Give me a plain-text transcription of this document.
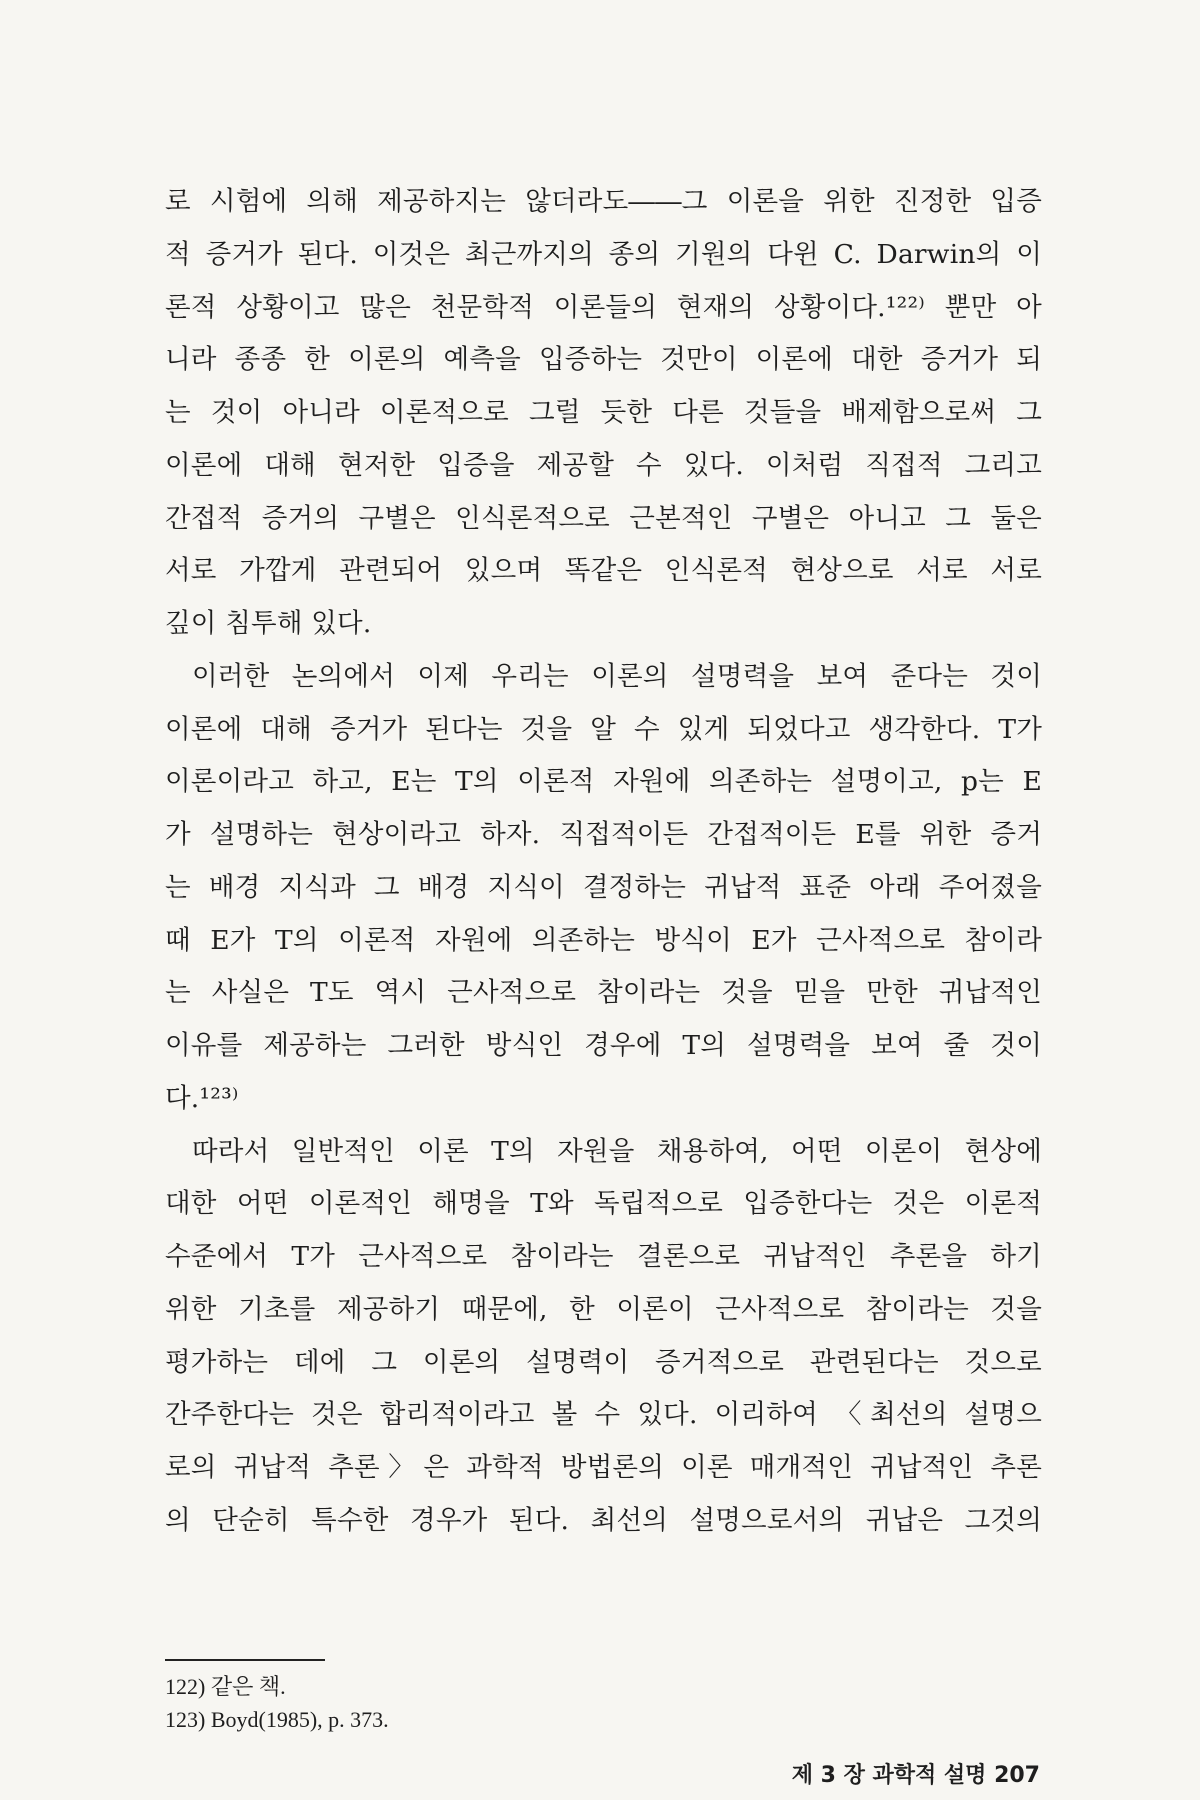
로 시험에 의해 제공하지는 않더라도――그 이론을 위한 진정한 입증
적 증거가 된다. 이것은 최근까지의 종의 기원의 다윈 C. Darwin의 이
론적 상황이고 많은 천문학적 이론들의 현재의 상황이다.¹²²⁾ 뿐만 아
니라 종종 한 이론의 예측을 입증하는 것만이 이론에 대한 증거가 되
는 것이 아니라 이론적으로 그럴 듯한 다른 것들을 배제함으로써 그
이론에 대해 현저한 입증을 제공할 수 있다. 이처럼 직접적 그리고
간접적 증거의 구별은 인식론적으로 근본적인 구별은 아니고 그 둘은
서로 가깝게 관련되어 있으며 똑같은 인식론적 현상으로 서로 서로
깊이 침투해 있다.
이러한 논의에서 이제 우리는 이론의 설명력을 보여 준다는 것이
이론에 대해 증거가 된다는 것을 알 수 있게 되었다고 생각한다. T가
이론이라고 하고, E는 T의 이론적 자원에 의존하는 설명이고, p는 E
가 설명하는 현상이라고 하자. 직접적이든 간접적이든 E를 위한 증거
는 배경 지식과 그 배경 지식이 결정하는 귀납적 표준 아래 주어졌을
때 E가 T의 이론적 자원에 의존하는 방식이 E가 근사적으로 참이라
는 사실은 T도 역시 근사적으로 참이라는 것을 믿을 만한 귀납적인
이유를 제공하는 그러한 방식인 경우에 T의 설명력을 보여 줄 것이
다.¹²³⁾
따라서 일반적인 이론 T의 자원을 채용하여, 어떤 이론이 현상에
대한 어떤 이론적인 해명을 T와 독립적으로 입증한다는 것은 이론적
수준에서 T가 근사적으로 참이라는 결론으로 귀납적인 추론을 하기
위한 기초를 제공하기 때문에, 한 이론이 근사적으로 참이라는 것을
평가하는 데에 그 이론의 설명력이 증거적으로 관련된다는 것으로
간주한다는 것은 합리적이라고 볼 수 있다. 이리하여 〈최선의 설명으
로의 귀납적 추론〉은 과학적 방법론의 이론 매개적인 귀납적인 추론
의 단순히 특수한 경우가 된다. 최선의 설명으로서의 귀납은 그것의
122) 같은 책.
123) Boyd(1985), p. 373.
제 3 장 과학적 설명 207
